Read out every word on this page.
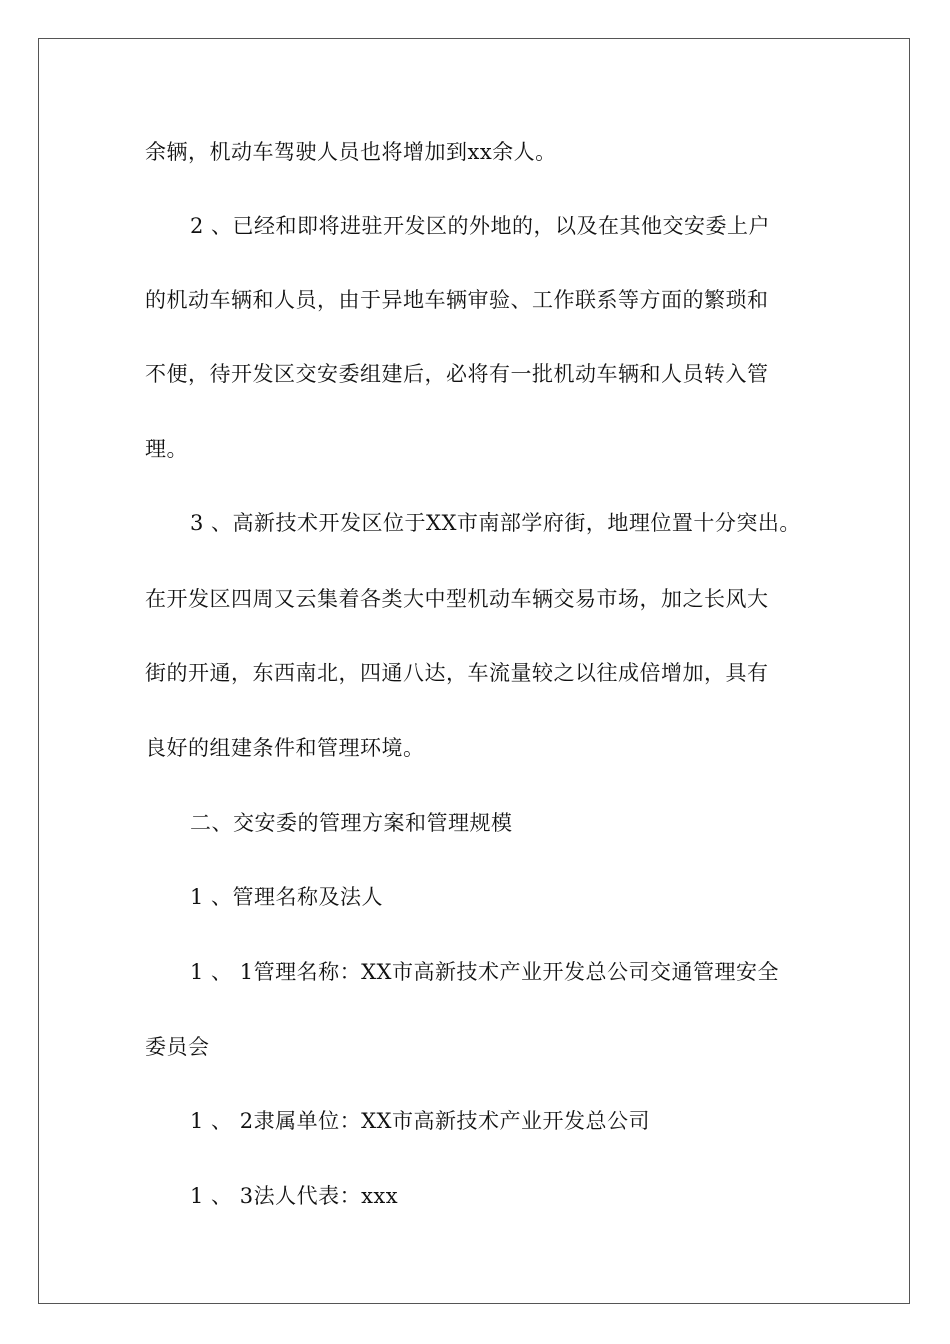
余辆，机动车驾驶人员也将增加到xx余人。
2 、已经和即将进驻开发区的外地的，以及在其他交安委上户
的机动车辆和人员，由于异地车辆审验、工作联系等方面的繁琐和
不便，待开发区交安委组建后，必将有一批机动车辆和人员转入管
理。
3 、高新技术开发区位于XX市南部学府街，地理位置十分突出。
在开发区四周又云集着各类大中型机动车辆交易市场，加之长风大
街的开通，东西南北，四通八达，车流量较之以往成倍增加，具有
良好的组建条件和管理环境。
二、交安委的管理方案和管理规模
1 、管理名称及法人
1 、 1管理名称：XX市高新技术产业开发总公司交通管理安全
委员会
1 、 2隶属单位：XX市高新技术产业开发总公司
1 、 3法人代表：xxx
